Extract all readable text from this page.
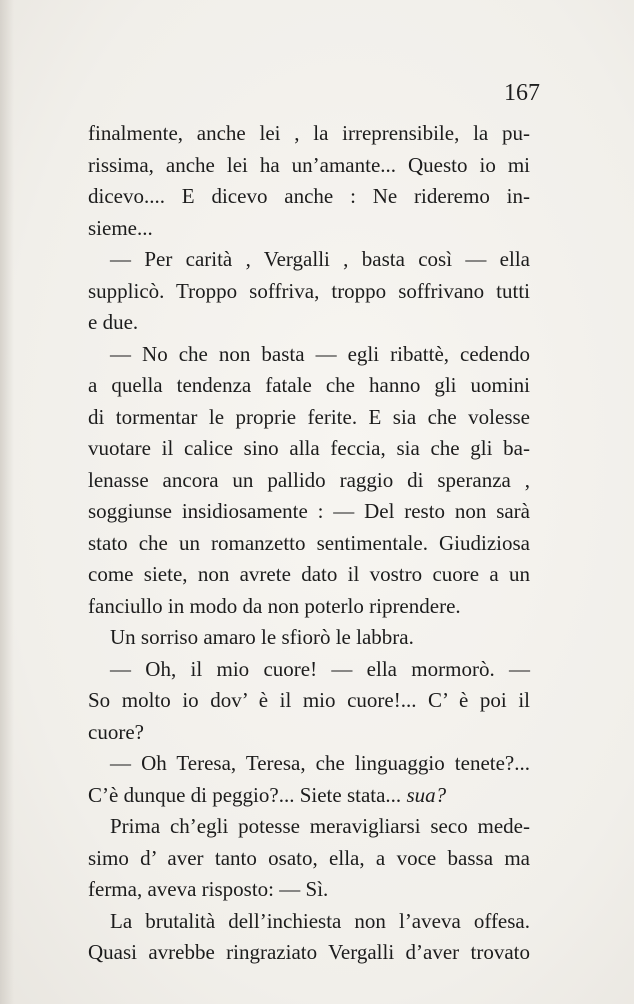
167
finalmente, anche lei , la irreprensibile, la pu-
rissima, anche lei ha un’amante... Questo io mi
dicevo.... E dicevo anche : Ne rideremo in-
sieme...
— Per carità , Vergalli , basta così — ella
supplicò. Troppo soffriva, troppo soffrivano tutti
e due.
— No che non basta — egli ribattè, cedendo
a quella tendenza fatale che hanno gli uomini
di tormentar le proprie ferite. E sia che volesse
vuotare il calice sino alla feccia, sia che gli ba-
lenasse ancora un pallido raggio di speranza ,
soggiunse insidiosamente : — Del resto non sarà
stato che un romanzetto sentimentale. Giudiziosa
come siete, non avrete dato il vostro cuore a un
fanciullo in modo da non poterlo riprendere.
Un sorriso amaro le sfiorò le labbra.
— Oh, il mio cuore! — ella mormorò. —
So molto io dov’ è il mio cuore!... C’ è poi il
cuore?
— Oh Teresa, Teresa, che linguaggio tenete?...
C’è dunque di peggio?... Siete stata... sua?
Prima ch’egli potesse meravigliarsi seco mede-
simo d’ aver tanto osato, ella, a voce bassa ma
ferma, aveva risposto: — Sì.
La brutalità dell’inchiesta non l’aveva offesa.
Quasi avrebbe ringraziato Vergalli d’aver trovato
